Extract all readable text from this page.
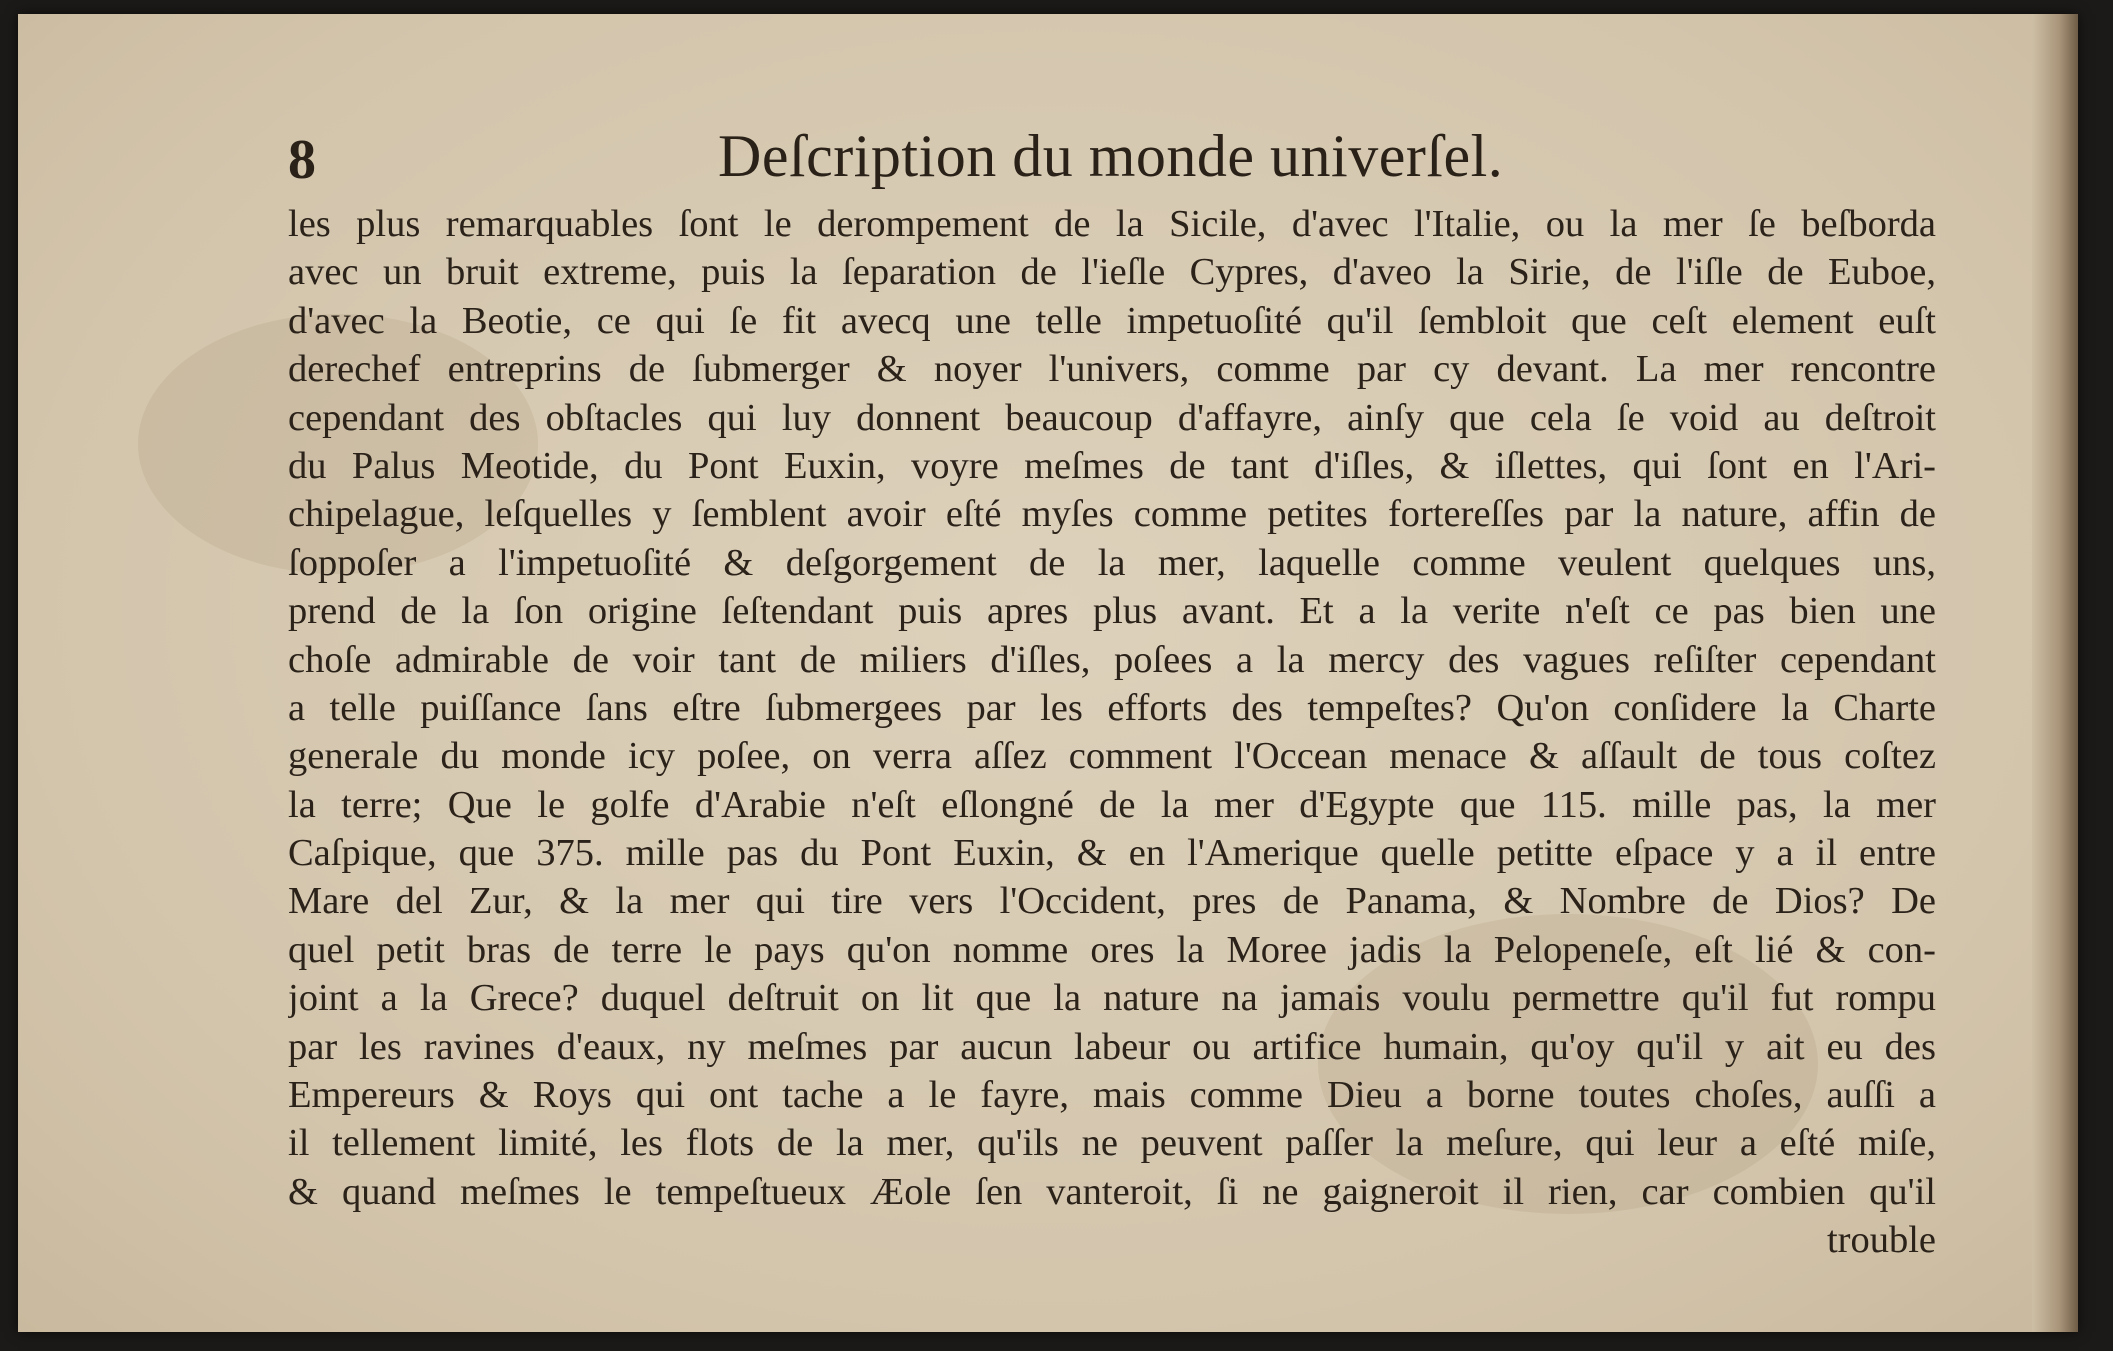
8	Deſcription du monde univerſel.
les plus remarquables ſont le derompement de la Sicile, d'avec l'Italie, ou la mer ſe beſborda
avec un bruit extreme, puis la ſeparation de l'ieſle Cypres, d'aveo la Sirie, de l'iſle de Euboe,
d'avec la Beotie, ce qui ſe fit avecq une telle impetuoſité qu'il ſembloit que ceſt element euſt
derechef entreprins de ſubmerger & noyer l'univers, comme par cy devant. La mer rencontre
cependant des obſtacles qui luy donnent beaucoup d'affayre, ainſy que cela ſe void au deſtroit
du Palus Meotide, du Pont Euxin, voyre meſmes de tant d'iſles, & iſlettes, qui ſont en l'Ari-
chipelague, leſquelles y ſemblent avoir eſté myſes comme petites fortereſſes par la nature, affin de
ſoppoſer a l'impetuoſité & deſgorgement de la mer, laquelle comme veulent quelques uns,
prend de la ſon origine ſeſtendant puis apres plus avant. Et a la verite n'eſt ce pas bien une
choſe admirable de voir tant de miliers d'iſles, poſees a la mercy des vagues reſiſter cependant
a telle puiſſance ſans eſtre ſubmergees par les efforts des tempeſtes? Qu'on conſidere la Charte
generale du monde icy poſee, on verra aſſez comment l'Occean menace & aſſault de tous coſtez
la terre; Que le golfe d'Arabie n'eſt eſlongné de la mer d'Egypte que 115. mille pas, la mer
Caſpique, que 375. mille pas du Pont Euxin, & en l'Amerique quelle petitte eſpace y a il entre
Mare del Zur, & la mer qui tire vers l'Occident, pres de Panama, & Nombre de Dios? De
quel petit bras de terre le pays qu'on nomme ores la Moree jadis la Pelopeneſe, eſt lié & con-
joint a la Grece? duquel deſtruit on lit que la nature na jamais voulu permettre qu'il fut rompu
par les ravines d'eaux, ny meſmes par aucun labeur ou artifice humain, qu'oy qu'il y ait eu des
Empereurs & Roys qui ont tache a le fayre, mais comme Dieu a borne toutes choſes, auſſi a
il tellement limité, les flots de la mer, qu'ils ne peuvent paſſer la meſure, qui leur a eſté miſe,
& quand meſmes le tempeſtueux Æole ſen vanteroit, ſi ne gaigneroit il rien, car combien qu'il
trouble
